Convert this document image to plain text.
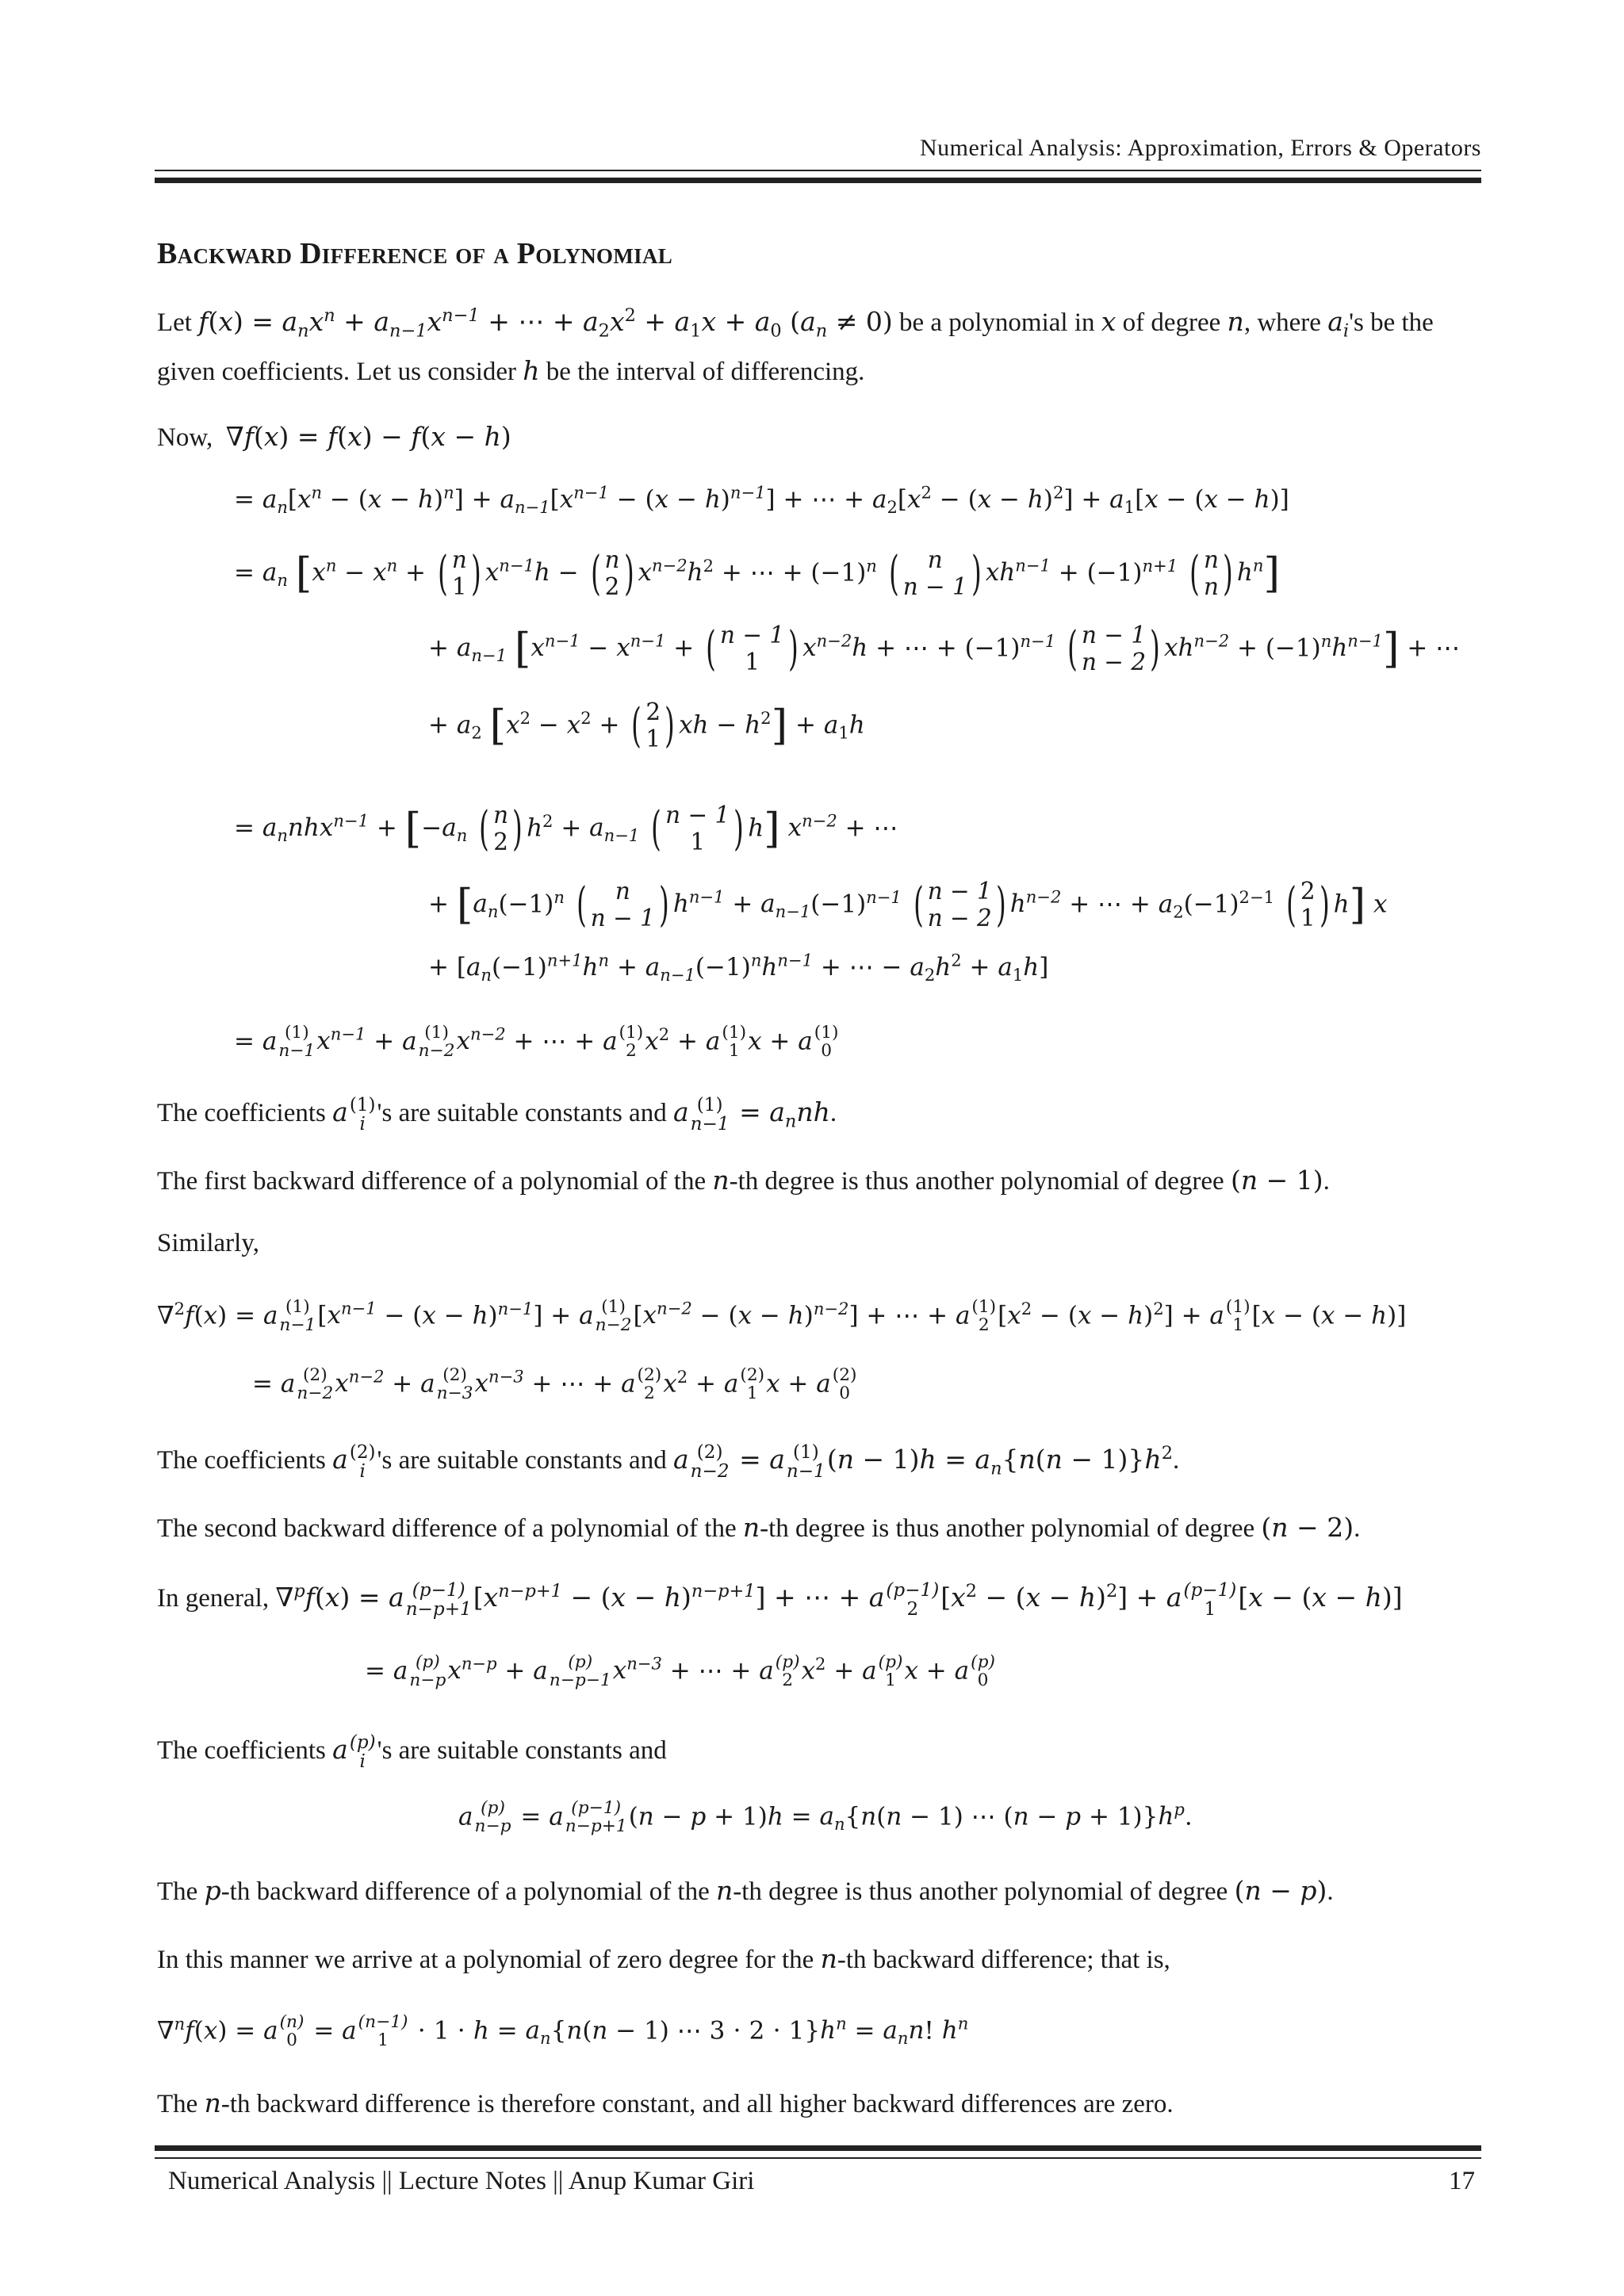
Numerical Analysis: Approximation, Errors & Operators
Backward Difference of a Polynomial
Let $f(x) = a_nx^n + a_{n-1}x^{n-1}$ + ⋯ + $a_2x^2 + a_1x + a_0$ $(a_n \ne 0)$ be a polynomial in x of degree n, where $a_i's$ be the
given coefficients. Let us consider h be the interval of differencing.
Now, ∇f(x) = f(x) − f(x − h)
= $a_n[x^n - (x - h)^n] + a_{n-1}[x^{n-1} - (x - h)^{n-1}]$ + ⋯ + $a_2[x^2 - (x - h)^2] + a_1[x - (x - h)]$
= $a_n$ [$x^n - x^n$ + ( n
1 ) $x^{n-1}h$ − ( n
2 ) $x^{n-2}h^2$ + ⋯ + $(-1)^n$ ( n
n − 1 ) $xh^{n-1} + (-1)^{n+1}$ ( n
n ) $h^n$]
+ $a_{n-1}$ [$x^{n-1} - x^{n-1}$ + ( n − 1
1 ) $x^{n-2}h$ + ⋯ + $(-1)^{n-1}$ ( n − 1
n − 2 ) $xh^{n-2} + (-1)^nh^{n-1}$] + ⋯
+ $a_2$ [$x^2 - x^2$ + ( 2
1 ) xh − $h^2] + a_1h$
= $a_nnhx^{n-1} + [-a_n$ ( n
2 ) $h^2 + a_{n-1}$ ( n − 1
1 ) h] $x^{n-2}$ + ⋯
+ [$a_n(-1)^n$ ( n
n − 1 ) $h^{n-1} + a_{n-1}(-1)^{n-1}$ ( n − 1
n − 2 ) $h^{n-2}$ + ⋯ + $a_2(-1)^{2-1}$ ( 2
1 ) h] x
+ [$a_n(-1)^{n+1}h^n + a_{n-1}(-1)^nh^{n-1}$ + ⋯ − $a_2h^2 + a_1h$]
= a (1)
n−1 $x^{n-1} + a$ (1)
n−2 $x^{n-2}$ + ⋯ + a (1)
2 $x^2 + a$ (1)
1 x + a (1)
0
The coefficients a (1)
i 's are suitable constants and a (1)
$n-1 = a_nnh$.
The first backward difference of a polynomial of the n-th degree is thus another polynomial of degree (n − 1).
Similarly,
∇$^2$f(x) = a (1)
n−1 $[x^{n-1} - (x - h)^{n-1}] + a$ (1)
n−2 $[x^{n-2} - (x - h)^{n-2}]$ + ⋯ + a (1)
2 $[x^2 - (x - h)^2] + a$ (1)
1 [x − (x − h)]
= a (2)
n−2 $x^{n-2} + a$ (2)
n−3 $x^{n-3}$ + ⋯ + a (2)
2 $x^2 + a$ (2)
1 x + a (2)
0
The coefficients a (2)
i 's are suitable constants and a (2)
n−2 = a (1)
n−1 $(n - 1)h = a_n\{n(n - 1)\}h^2$.
The second backward difference of a polynomial of the n-th degree is thus another polynomial of degree (n − 2).
In general, ∇$^p$f(x) = a (p−1)
n−p+1 $[x^{n-p+1} - (x - h)^{n-p+1}]$ + ⋯ + a (p−1)
2 $[x^2 - (x - h)^2] + a$ (p−1)
1 [x − (x − h)]
= a (p)
n−p $x^{n-p} + a$	(p)
n−p−1 $x^{n-3}$ + ⋯ + a (p)
2 $x^2 + a$ (p)
1 x + a (p)
0
The coefficients a (p)
i 's are suitable constants and
a (p)
n−p = a (p−1)
n−p+1 $(n - p + 1)h = a_n\{n(n - 1)$ ⋯ $(n - p + 1)\}h^p$.
The p-th backward difference of a polynomial of the n-th degree is thus another polynomial of degree (n − p).
In this manner we arrive at a polynomial of zero degree for the n-th backward difference; that is,
∇$^n$f(x) = a (n)
0 = a (n−1)
$1 \cdot 1 \cdot h = a_n\{n(n - 1)$ ⋯ $3 \cdot 2 \cdot 1\}h^n = a_nn$! $h^n$
The n-th backward difference is therefore constant, and all higher backward differences are zero.
Numerical Analysis || Lecture Notes || Anup Kumar Giri	17
